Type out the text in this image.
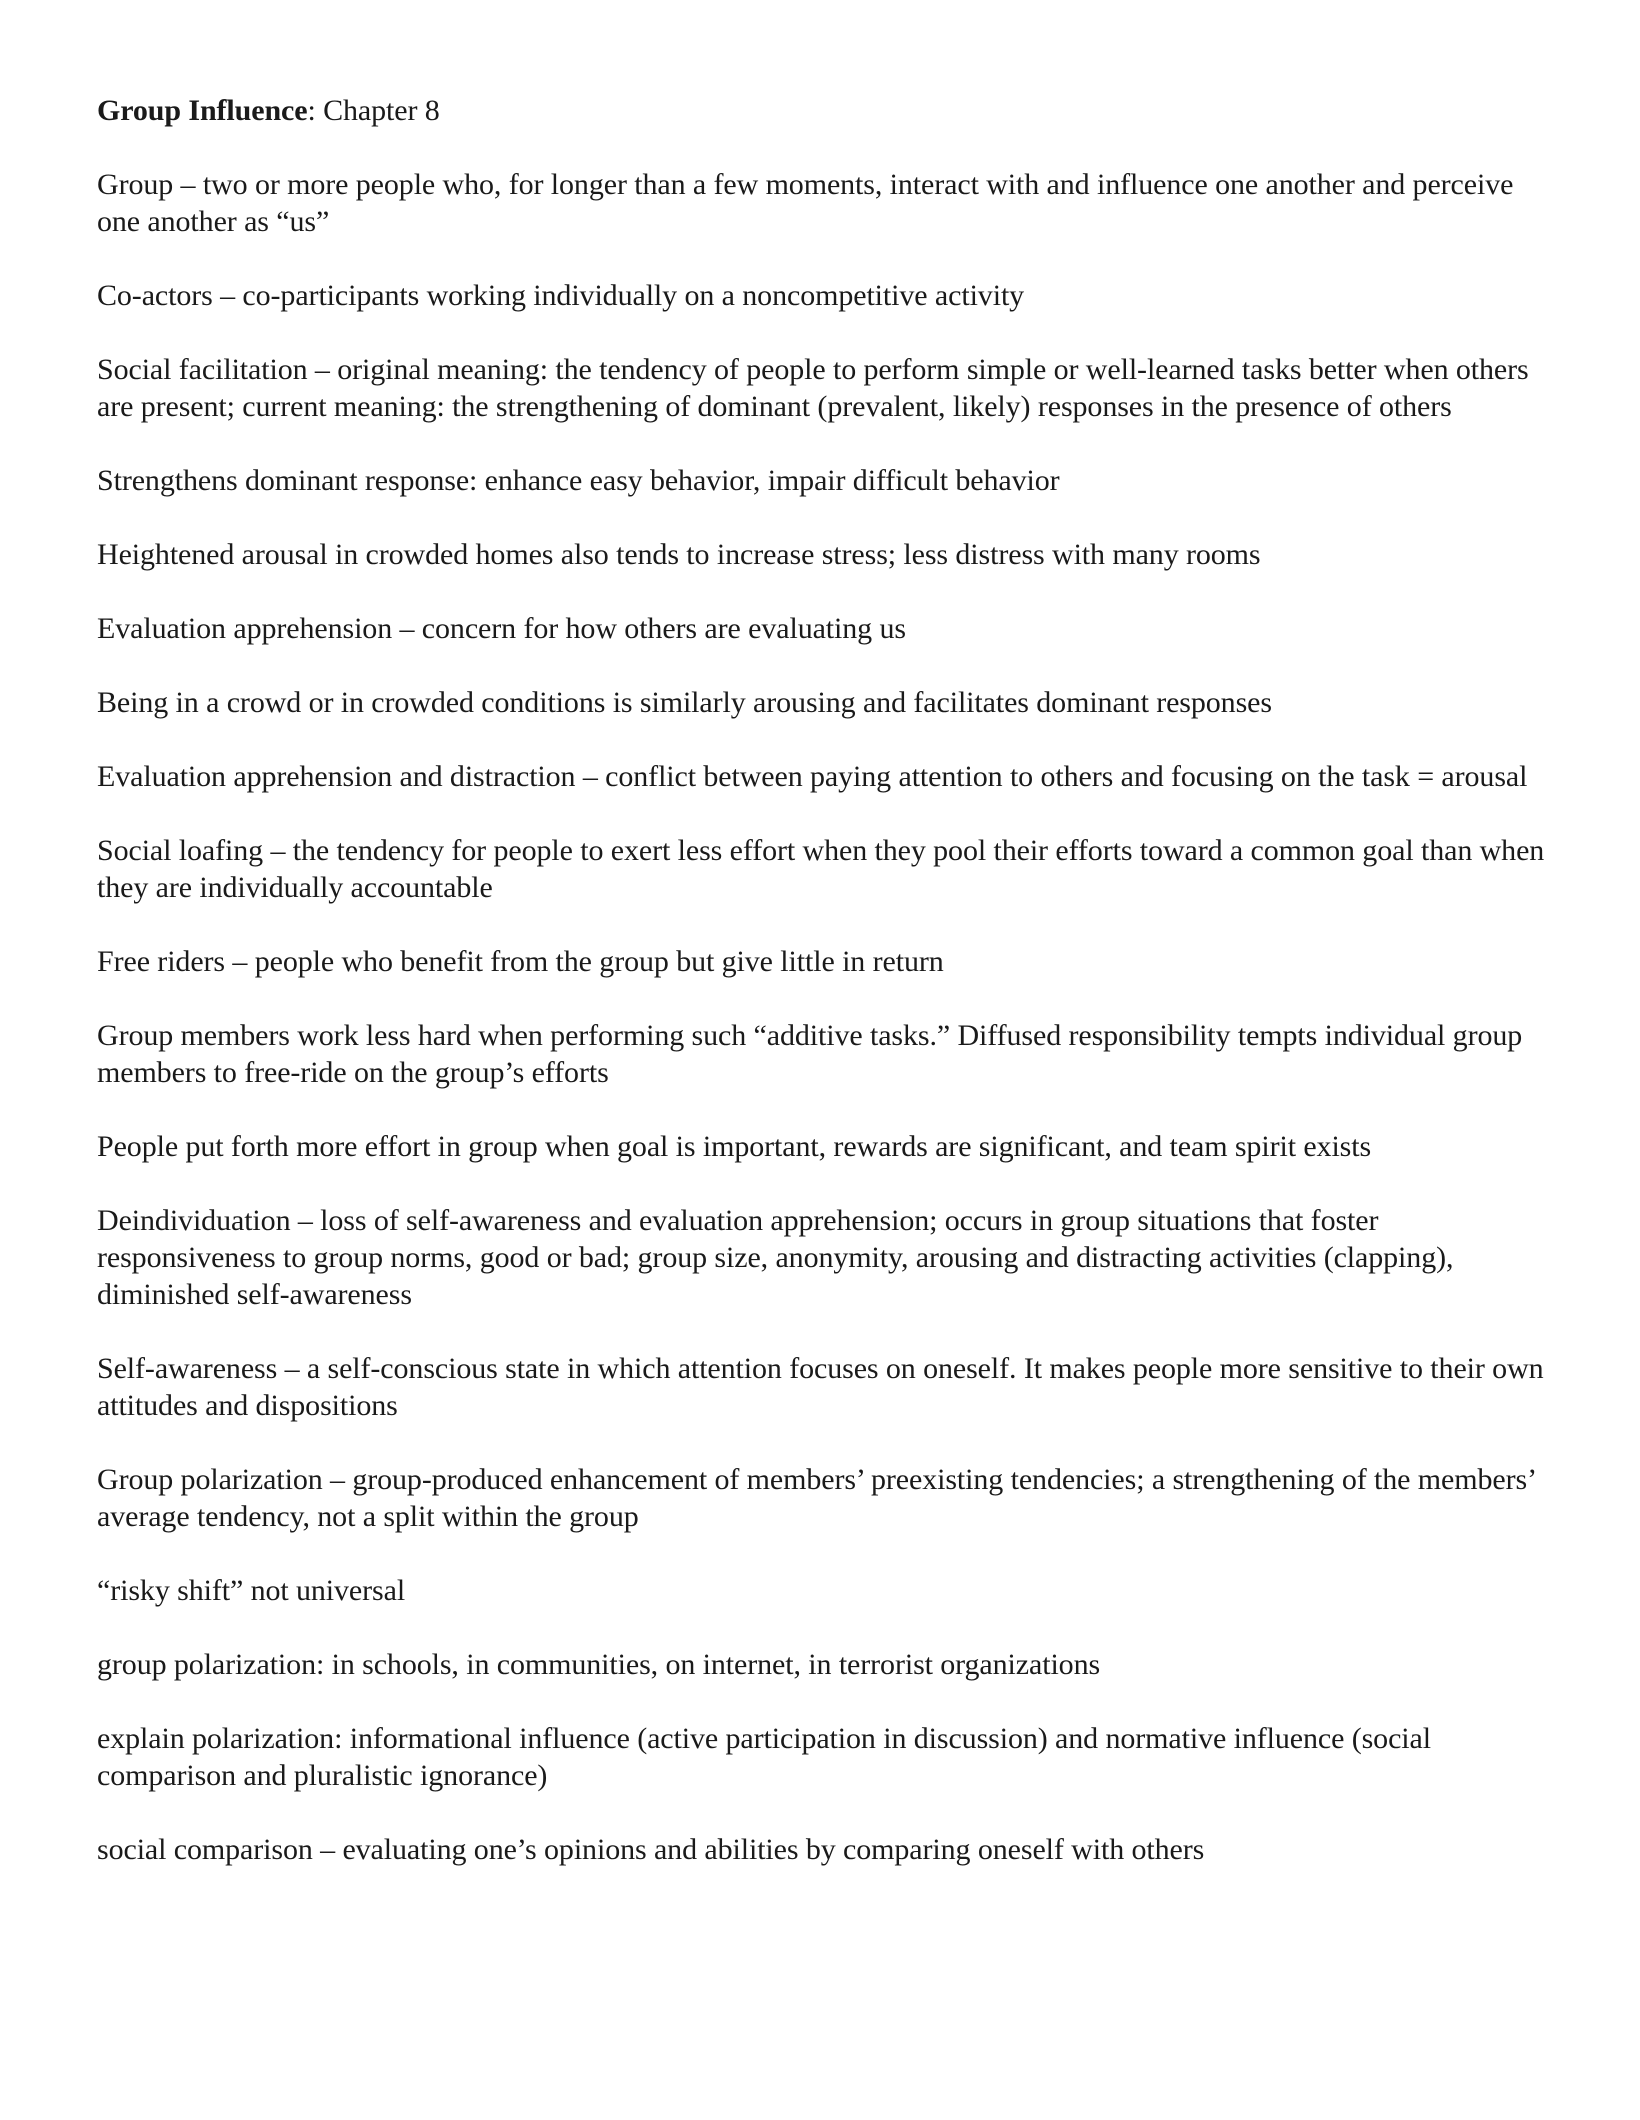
Group Influence: Chapter 8

Group – two or more people who, for longer than a few moments, interact with and influence one another and perceive one another as “us”

Co-actors – co-participants working individually on a noncompetitive activity

Social facilitation – original meaning: the tendency of people to perform simple or well-learned tasks better when others are present; current meaning: the strengthening of dominant (prevalent, likely) responses in the presence of others

Strengthens dominant response: enhance easy behavior, impair difficult behavior

Heightened arousal in crowded homes also tends to increase stress; less distress with many rooms

Evaluation apprehension – concern for how others are evaluating us

Being in a crowd or in crowded conditions is similarly arousing and facilitates dominant responses

Evaluation apprehension and distraction – conflict between paying attention to others and focusing on the task = arousal

Social loafing – the tendency for people to exert less effort when they pool their efforts toward a common goal than when they are individually accountable

Free riders – people who benefit from the group but give little in return

Group members work less hard when performing such “additive tasks.” Diffused responsibility tempts individual group members to free-ride on the group’s efforts

People put forth more effort in group when goal is important, rewards are significant, and team spirit exists

Deindividuation – loss of self-awareness and evaluation apprehension; occurs in group situations that foster responsiveness to group norms, good or bad; group size, anonymity, arousing and distracting activities (clapping), diminished self-awareness

Self-awareness – a self-conscious state in which attention focuses on oneself. It makes people more sensitive to their own attitudes and dispositions

Group polarization – group-produced enhancement of members’ preexisting tendencies; a strengthening of the members’ average tendency, not a split within the group

“risky shift” not universal

group polarization: in schools, in communities, on internet, in terrorist organizations

explain polarization: informational influence (active participation in discussion) and normative influence (social comparison and pluralistic ignorance)

social comparison – evaluating one’s opinions and abilities by comparing oneself with others
